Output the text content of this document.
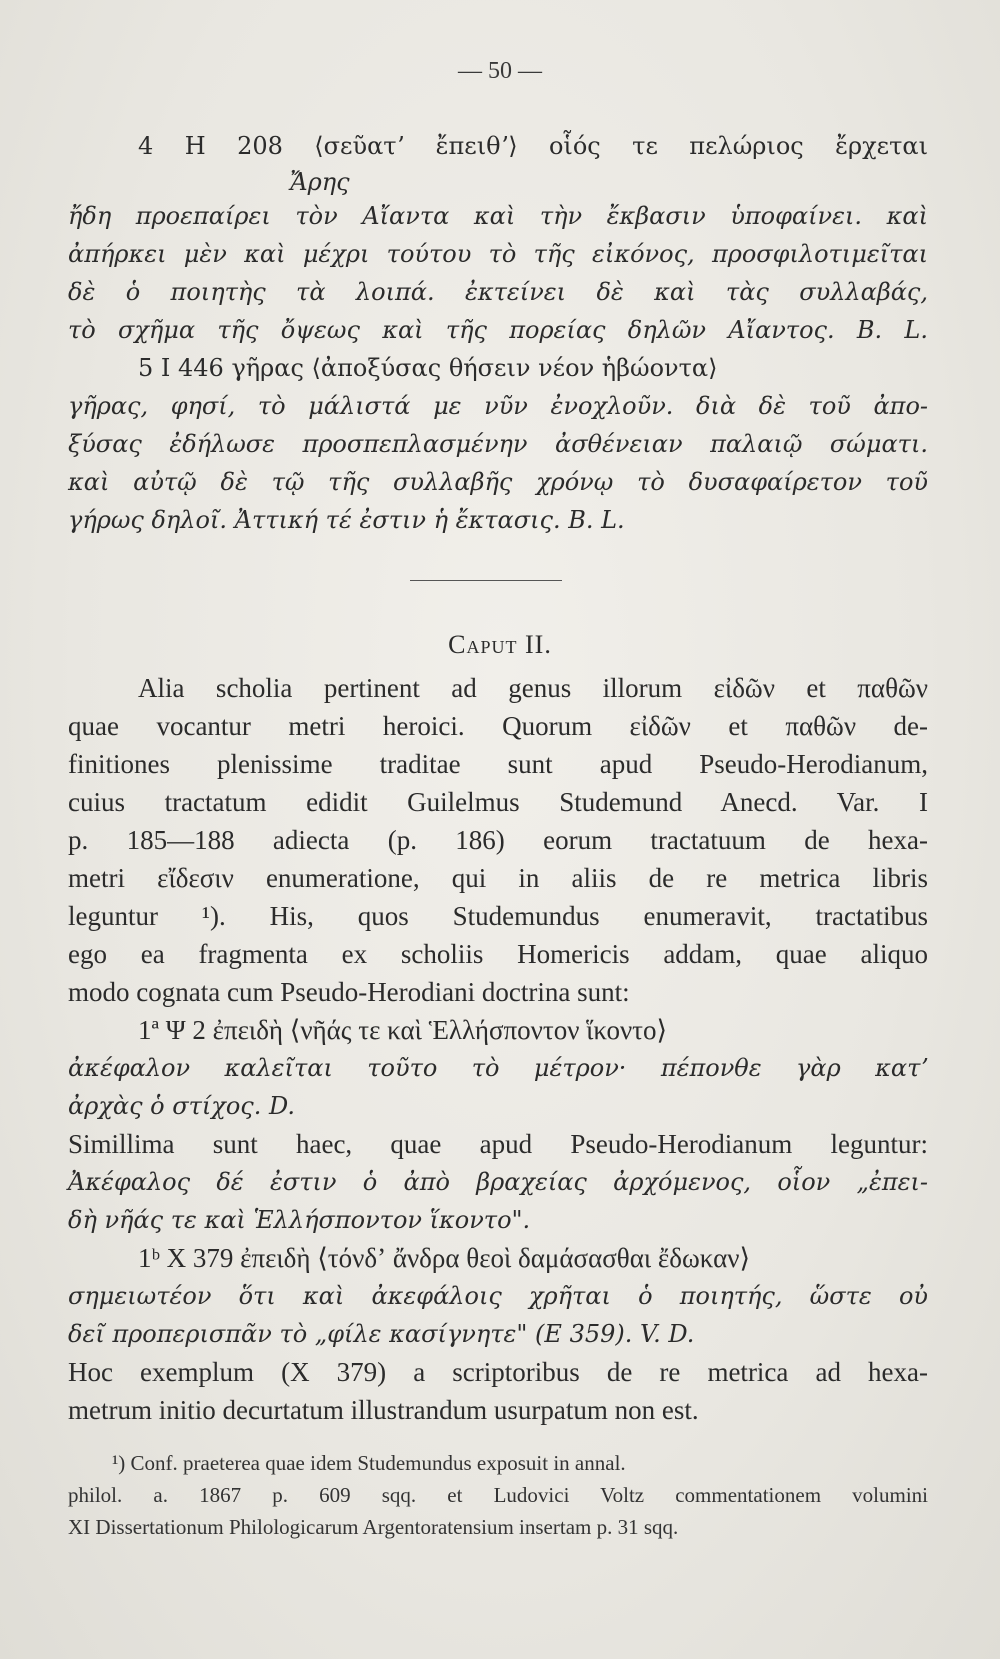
— 50 —
4 H 208 ⟨σεῦατʼ ἔπειθʼ⟩ οἷός τε πελώριος ἔρχεται
Ἄρης
ἤδη προεπαίρει τὸν Αἴαντα καὶ τὴν ἔκβασιν ὑποφαίνει. καὶ
ἀπήρκει μὲν καὶ μέχρι τούτου τὸ τῆς εἰκόνος, προσφιλοτιμεῖται
δὲ ὁ ποιητὴς τὰ λοιπά. ἐκτείνει δὲ καὶ τὰς συλλαβάς,
τὸ σχῆμα τῆς ὄψεως καὶ τῆς πορείας δηλῶν Αἴαντος. B. L.
5 I 446 γῆρας ⟨ἀποξύσας θήσειν νέον ἡβώοντα⟩
γῆρας, φησί, τὸ μάλιστά με νῦν ἐνοχλοῦν. διὰ δὲ τοῦ ἀπο-
ξύσας ἐδήλωσε προσπεπλασμένην ἀσθένειαν παλαιῷ σώματι.
καὶ αὐτῷ δὲ τῷ τῆς συλλαβῆς χρόνῳ τὸ δυσαφαίρετον τοῦ
γήρως δηλοῖ. Ἀττική τέ ἐστιν ἡ ἔκτασις. B. L.
Caput II.
Alia scholia pertinent ad genus illorum εἰδῶν et παθῶν
quae vocantur metri heroici. Quorum εἰδῶν et παθῶν de-
finitiones plenissime traditae sunt apud Pseudo-Herodianum,
cuius tractatum edidit Guilelmus Studemund Anecd. Var. I
p. 185—188 adiecta (p. 186) eorum tractatuum de hexa-
metri εἴδεσιν enumeratione, qui in aliis de re metrica libris
leguntur ¹). His, quos Studemundus enumeravit, tractatibus
ego ea fragmenta ex scholiis Homericis addam, quae aliquo
modo cognata cum Pseudo-Herodiani doctrina sunt:
1ª Ψ 2 ἐπειδὴ ⟨νῆάς τε καὶ Ἑλλήσποντον ἵκοντο⟩
ἀκέφαλον καλεῖται τοῦτο τὸ μέτρον· πέπονθε γὰρ κατʼ
ἀρχὰς ὁ στίχος. D.
Simillima sunt haec, quae apud Pseudo-Herodianum leguntur:
Ἀκέφαλος δέ ἐστιν ὁ ἀπὸ βραχείας ἀρχόμενος, οἷον „ἐπει-
δὴ νῆάς τε καὶ Ἑλλήσποντον ἵκοντο".
1ᵇ X 379 ἐπειδὴ ⟨τόνδʼ ἄνδρα θεοὶ δαμάσασθαι ἔδωκαν⟩
σημειωτέον ὅτι καὶ ἀκεφάλοις χρῆται ὁ ποιητής, ὥστε οὐ
δεῖ προπερισπᾶν τὸ „φίλε κασίγνητε" (E 359). V. D.
Hoc exemplum (X 379) a scriptoribus de re metrica ad hexa-
metrum initio decurtatum illustrandum usurpatum non est.
¹) Conf. praeterea quae idem Studemundus exposuit in annal.
philol. a. 1867 p. 609 sqq. et Ludovici Voltz commentationem volumini
XI Dissertationum Philologicarum Argentoratensium insertam p. 31 sqq.
